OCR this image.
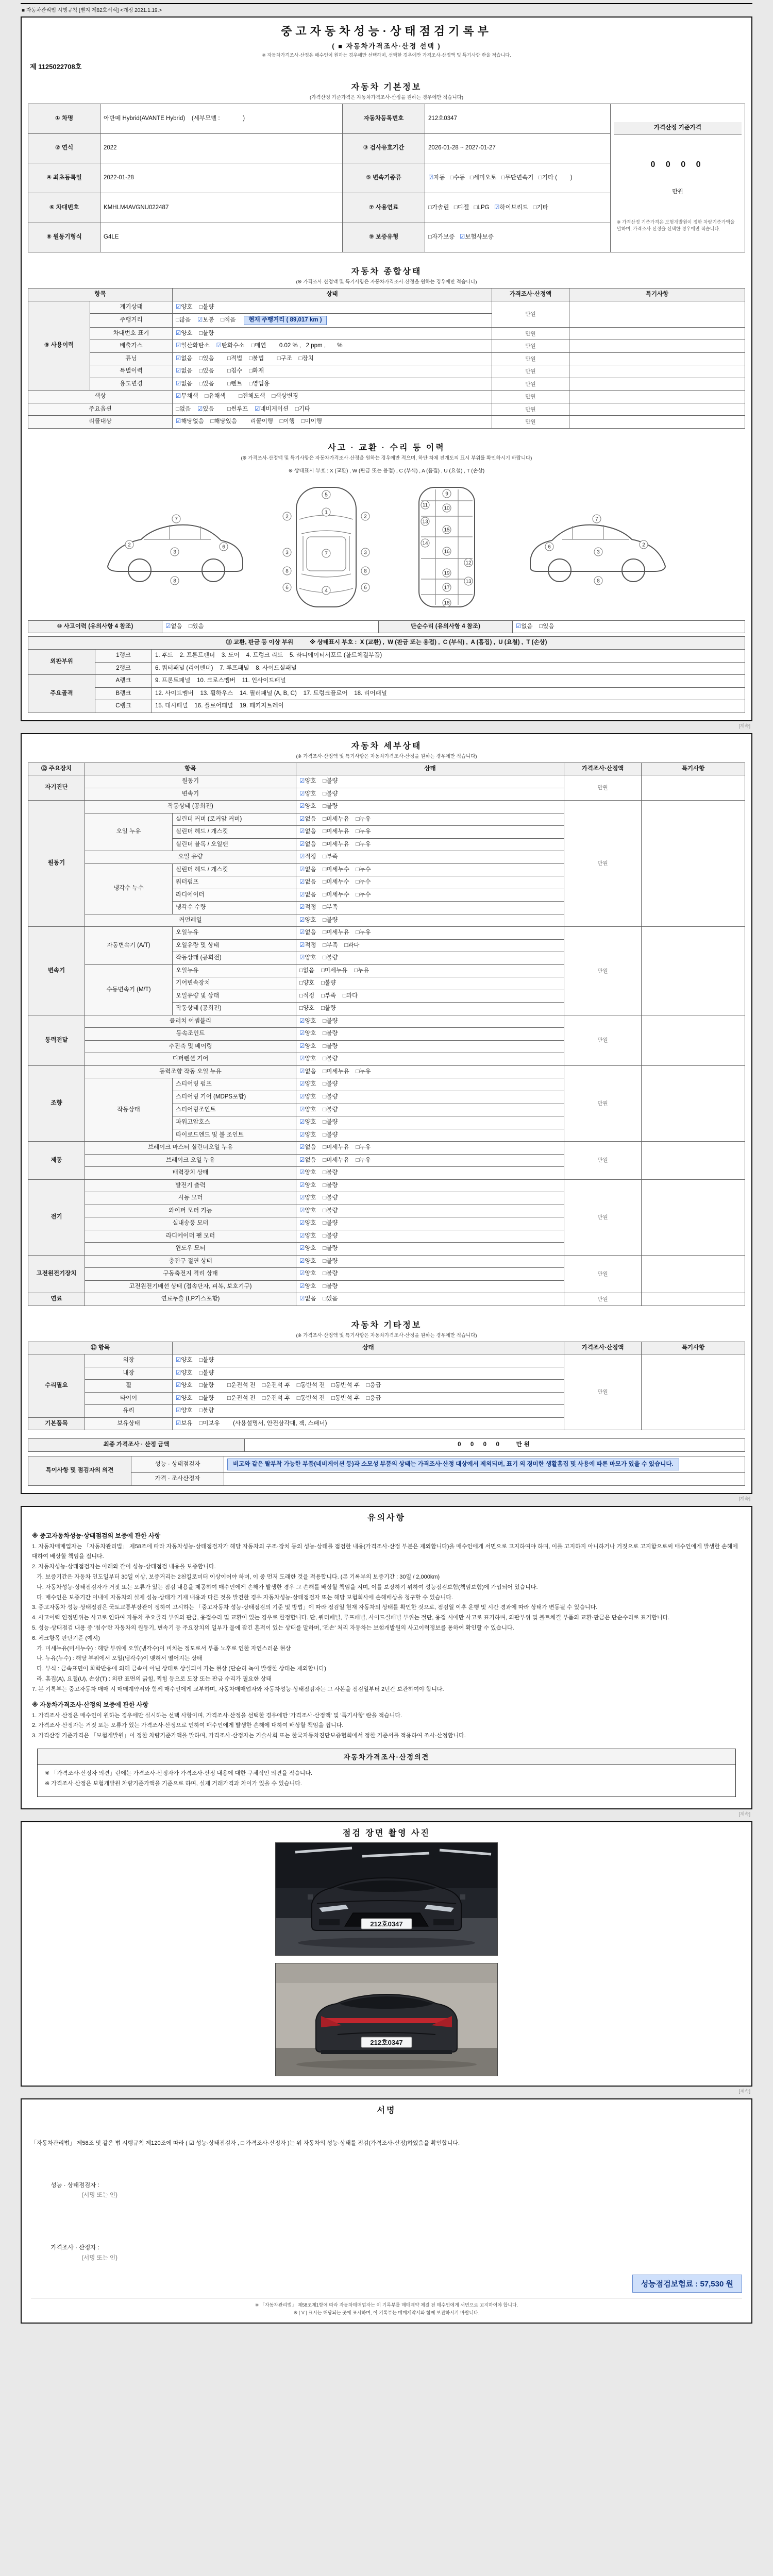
■ 자동차관리법 시행규칙 [별지 제82호서식] <개정 2021.1.19.>
중고자동차성능·상태점검기록부
( ■ 자동차가격조사·산정 선택 )
※ 자동차가격조사·산정은 매수인이 원하는 경우에만 선택하며, 선택한 경우에만 가격조사·산정액 및 특기사항 란을 적습니다.
제 1125022708호
자동차 기본정보
(가격산정 기준가격은 자동차가격조사·산정을 원하는 경우에만 적습니다)
① 차명	아반떼 Hybrid(AVANTE Hybrid)    (세부모델 :              )	자동차등록번호	212호0347	가격산정 기준가격

0 0 0 0

만원

※ 가격산정 기준가격은 보험개발원이 정한 차량기준가액을 말하며, 가격조사·산정을 선택한 경우에만 적습니다.

② 연식	2022	③ 검사유효기간	2026-01-28 ~ 2027-01-27	
④ 최초등록일	2022-01-28	⑤ 변속기종류	☑자동   □수동   □세미오토   □무단변속기   □기타 (        )	
⑥ 차대번호	KMHLM4AVGNU022487	⑦ 사용연료	□가솔린   □디젤   □LPG   ☑하이브리드   □기타	
⑧ 원동기형식	G4LE	⑨ 보증유형	□자가보증   ☑보험사보증	
자동차 종합상태
(※ 가격조사·산정액 및 특기사항은 자동차가격조사·산정을 원하는 경우에만 적습니다)
항목		상태	가격조사·산정액	특기사항
⑨ 사용이력	계기상태	☑양호    □불량	만원	
	주행거리	□많음    ☑보통    □적음 현재 주행거리 ( 89,017 km )		
	차대번호 표기	☑양호    □불량	만원	
	배출가스	☑일산화탄소    ☑탄화수소    □매연        0.02 % ,   2 ppm ,       %	만원	
	튜닝	☑없음    □있음        □적법    □불법        □구조    □장치	만원	
	특별이력	☑없음    □있음        □침수    □화재	만원	
	용도변경	☑없음    □있음        □렌트    □영업용	만원	
색상		☑무채색    □유채색        □전체도색    □색상변경	만원	
주요옵션		□없음    ☑있음        □썬루프    ☑네비게이션    □기타	만원	
리콜대상		☑해당없음    □해당있음        리콜이행    □이행    □미이행	만원	
사고 · 교환 · 수리 등 이력
(※ 가격조사·산정액 및 특기사항은 자동차가격조사·산정을 원하는 경우에만 적으며, 하단 차체 전개도의 표시 부위를 확인하시기 바랍니다)
※ 상태표시 부호 : X (교환) , W (판금 또는 용접) , C (부식) , A (흠집) , U (요철) , T (손상)
2
3
6
7
8
5
1
7
4
2	2
3	3
8	8
6	6
9
10
11
12
13
13
14
15
16
19
17
18
2
3
6
7
8
⑩ 사고이력 (유의사항 4 참조)	☑없음    □있음	단순수리 (유의사항 4 참조)	☑없음    □있음
⑪ 교환, 판금 등 이상 부위          ※ 상태표시 부호 :  X (교환) ,  W (판금 또는 용접) ,  C (부식) ,  A (흠집) ,  U (요철) ,  T (손상)		
외판부위	1랭크	1. 후드    2. 프론트펜더    3. 도어    4. 트렁크 리드    5. 라디에이터서포트 (볼트체결부품)
	2랭크	6. 쿼터패널 (리어펜더)    7. 루프패널    8. 사이드실패널
주요골격	A랭크	9. 프론트패널    10. 크로스멤버    11. 인사이드패널
	B랭크	12. 사이드멤버    13. 휠하우스    14. 필러패널 (A, B, C)    17. 트렁크플로어    18. 리어패널
	C랭크	15. 대시패널    16. 플로어패널    19. 패키지트레이
[계속]
자동차 세부상태
(※ 가격조사·산정액 및 특기사항은 자동차가격조사·산정을 원하는 경우에만 적습니다)
⑫ 주요장치	항목		상태	가격조사·산정액	특기사항
자기진단	원동기		☑양호    □불량	만원	
	변속기		☑양호    □불량		
원동기	작동상태 (공회전)		☑양호    □불량	만원	
	오일 누유	실린더 커버 (로커암 커버)	☑없음    □미세누유    □누유		
		실린더 헤드 / 개스킷	☑없음    □미세누유    □누유		
		실린더 블록 / 오일팬	☑없음    □미세누유    □누유		
	오일 유량		☑적정    □부족		
	냉각수 누수	실린더 헤드 / 개스킷	☑없음    □미세누수    □누수		
		워터펌프	☑없음    □미세누수    □누수		
		라디에이터	☑없음    □미세누수    □누수		
		냉각수 수량	☑적정    □부족		
	커먼레일		☑양호    □불량		
변속기	자동변속기 (A/T)	오일누유	☑없음    □미세누유    □누유	만원	
		오일유량 및 상태	☑적정    □부족    □과다		
		작동상태 (공회전)	☑양호    □불량		
	수동변속기 (M/T)	오일누유	□없음    □미세누유    □누유		
		기어변속장치	□양호    □불량		
		오일유량 및 상태	□적정    □부족    □과다		
		작동상태 (공회전)	□양호    □불량		
동력전달	클러치 어셈블리		☑양호    □불량	만원	
	등속조인트		☑양호    □불량		
	추진축 및 베어링		☑양호    □불량		
	디퍼렌셜 기어		☑양호    □불량		
조향	동력조향 작동 오일 누유		☑없음    □미세누유    □누유	만원	
	작동상태	스티어링 펌프	☑양호    □불량		
		스티어링 기어 (MDPS포함)	☑양호    □불량		
		스티어링조인트	☑양호    □불량		
		파워고압호스	☑양호    □불량		
		타이로드엔드 및 볼 조인트	☑양호    □불량		
제동	브레이크 마스터 실린더오일 누유		☑없음    □미세누유    □누유	만원	
	브레이크 오일 누유		☑없음    □미세누유    □누유		
	배력장치 상태		☑양호    □불량		
전기	발전기 출력		☑양호    □불량	만원	
	시동 모터		☑양호    □불량		
	와이퍼 모터 기능		☑양호    □불량		
	실내송풍 모터		☑양호    □불량		
	라디에이터 팬 모터		☑양호    □불량		
	윈도우 모터		☑양호    □불량		
고전원전기장치	충전구 절연 상태		☑양호    □불량	만원	
	구동축전지 격리 상태		☑양호    □불량		
	고전원전기배선 상태 (접속단자, 피복, 보호기구)		☑양호    □불량		
연료	연료누출 (LP가스포함)		☑없음    □있음	만원	
자동차 기타정보
(※ 가격조사·산정액 및 특기사항은 자동차가격조사·산정을 원하는 경우에만 적습니다)
⑬ 항목		상태	가격조사·산정액	특기사항
수리필요	외장	☑양호    □불량	만원	
	내장	☑양호    □불량		
	휠	☑양호    □불량        □운전석 전    □운전석 후    □동반석 전    □동반석 후    □응급		
	타이어	☑양호    □불량        □운전석 전    □운전석 후    □동반석 전    □동반석 후    □응급		
	유리	☑양호    □불량		
기본품목	보유상태	☑보유    □미보유        (사용설명서, 안전삼각대, 잭, 스패너)		
최종 가격조사 · 산정 금액	0  0  0  0    만원
특이사항 및 점검자의 의견	성능 · 상태점검자	비고와 같은 탈부착 가능한 부품(네비게이션 등)과 소모성 부품의 상태는 가격조사·산정 대상에서 제외되며, 표기 외 경미한 생활흠집 및 사용에 따른 마모가 있을 수 있습니다.
	가격 · 조사산정자	
[계속]
유의사항
※ 중고자동차성능·상태점검의 보증에 관한 사항
1. 자동차매매업자는 「자동차관리법」 제58조에 따라 자동차성능·상태점검자가 해당 자동차의 구조·장치 등의 성능·상태를 점검한 내용(가격조사·산정 부분은 제외합니다)을 매수인에게 서면으로 고지하여야 하며, 이를 고지하지 아니하거나 거짓으로 고지함으로써 매수인에게 발생한 손해에 대하여 배상할 책임을 집니다.
2. 자동차성능·상태점검자는 아래와 같이 성능·상태점검 내용을 보증합니다.
가. 보증기간은 자동차 인도일부터 30일 이상, 보증거리는 2천킬로미터 이상이어야 하며, 이 중 먼저 도래한 것을 적용합니다. (본 기록부의 보증기간 : 30일 / 2,000km)
나. 자동차성능·상태점검자가 거짓 또는 오류가 있는 점검 내용을 제공하여 매수인에게 손해가 발생한 경우 그 손해를 배상할 책임을 지며, 이를 보장하기 위하여 성능점검보험(책임보험)에 가입되어 있습니다.
다. 매수인은 보증기간 이내에 자동차의 실제 성능·상태가 기재 내용과 다른 것을 발견한 경우 자동차성능·상태점검자 또는 해당 보험회사에 손해배상을 청구할 수 있습니다.
3. 중고자동차 성능·상태점검은 국토교통부장관이 정하여 고시하는 「중고자동차 성능·상태점검의 기준 및 방법」에 따라 점검일 현재 자동차의 상태를 확인한 것으로, 점검일 이후 운행 및 시간 경과에 따라 상태가 변동될 수 있습니다.
4. 사고이력 인정범위는 사고로 인하여 자동차 주요골격 부위의 판금, 용접수리 및 교환이 있는 경우로 한정합니다. 단, 쿼터패널, 루프패널, 사이드실패널 부위는 절단, 용접 시에만 사고로 표기하며, 외판부위 및 볼트체결 부품의 교환·판금은 단순수리로 표기합니다.
5. 성능·상태점검 내용 중 '침수'란 자동차의 원동기, 변속기 등 주요장치의 일부가 물에 잠긴 흔적이 있는 상태를 말하며, '전손' 처리 자동차는 보험개발원의 사고이력정보를 통하여 확인할 수 있습니다.
6. 체크항목 판단기준 (예시)
가. 미세누유(미세누수) : 해당 부위에 오일(냉각수)이 비치는 정도로서 부품 노후로 인한 자연스러운 현상
나. 누유(누수) : 해당 부위에서 오일(냉각수)이 맺혀서 떨어지는 상태
다. 부식 : 금속표면이 화학반응에 의해 금속이 아닌 상태로 상실되어 가는 현상 (단순히 녹이 발생한 상태는 제외합니다)
라. 흠집(A), 요철(U), 손상(T) : 외판 표면의 긁힘, 찍힘 등으로 도장 또는 판금 수리가 필요한 상태
7. 본 기록부는 중고자동차 매매 시 매매계약서와 함께 매수인에게 교부하며, 자동차매매업자와 자동차성능·상태점검자는 그 사본을 점검일부터 2년간 보관하여야 합니다.
※ 자동차가격조사·산정의 보증에 관한 사항
1. 가격조사·산정은 매수인이 원하는 경우에만 실시하는 선택 사항이며, 가격조사·산정을 선택한 경우에만 '가격조사·산정액' 및 '특기사항' 란을 적습니다.
2. 가격조사·산정자는 거짓 또는 오류가 있는 가격조사·산정으로 인하여 매수인에게 발생한 손해에 대하여 배상할 책임을 집니다.
3. 가격산정 기준가격은 「보험개발원」이 정한 차량기준가액을 말하며, 가격조사·산정자는 기술사회 또는 한국자동차진단보증협회에서 정한 기준서를 적용하여 조사·산정합니다.
자동차가격조사·산정의견
※ 「가격조사·산정자 의견」란에는 가격조사·산정자가 가격조사·산정 내용에 대한 구체적인 의견을 적습니다.
※ 가격조사·산정은 보험개발원 차량기준가액을 기준으로 하며, 실제 거래가격과 차이가 있을 수 있습니다.
[계속]
점검 장면 촬영 사진
212호0347
212호0347
[계속]
서명

「자동차관리법」 제58조 및 같은 법 시행규칙 제120조에 따라 ( ☑ 성능·상태점검자 , □ 가격조사·산정자 )는 위 자동차의 성능·상태를 점검(가격조사·산정)하였음을 확인합니다.

성능 · 상태점검자 :
(서명 또는 인)

가격조사 · 산정자 :
(서명 또는 인)

성능점검보험료 : 57,530 원
※ 「자동차관리법」 제58조제1항에 따라 자동차매매업자는 이 기록부를 매매계약 체결 전 매수인에게 서면으로 고지하여야 합니다.
※ [ V ] 표시는 해당되는 곳에 표시하며, 이 기록부는 매매계약서와 함께 보관하시기 바랍니다.
